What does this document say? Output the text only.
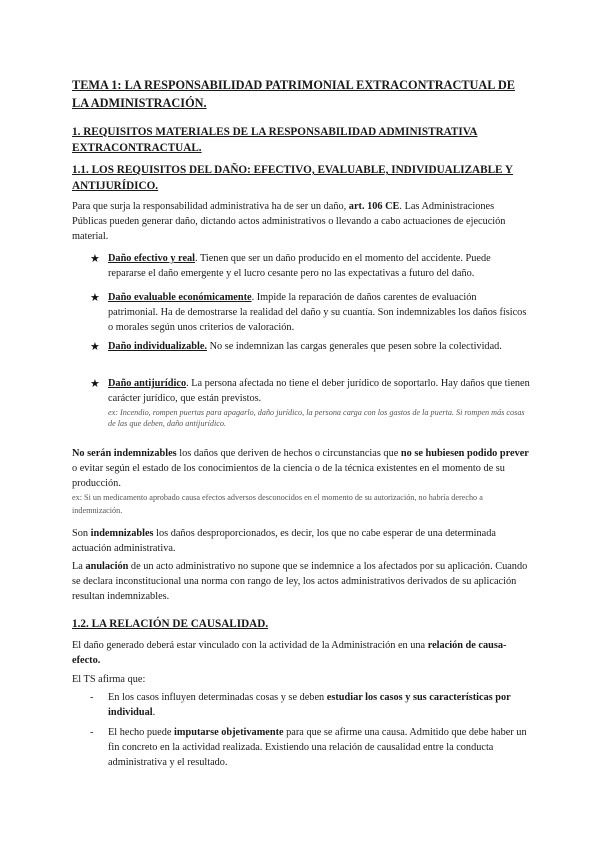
TEMA 1: LA RESPONSABILIDAD PATRIMONIAL EXTRACONTRACTUAL DE LA ADMINISTRACIÓN.
1. REQUISITOS MATERIALES DE LA RESPONSABILIDAD ADMINISTRATIVA EXTRACONTRACTUAL.
1.1. LOS REQUISITOS DEL DAÑO: EFECTIVO, EVALUABLE, INDIVIDUALIZABLE Y ANTIJURÍDICO.

Para que surja la responsabilidad administrativa ha de ser un daño, art. 106 CE. Las Administraciones Públicas pueden generar daño, dictando actos administrativos o llevando a cabo actuaciones de ejecución material.

★ Daño efectivo y real. Tienen que ser un daño producido en el momento del accidente. Puede repararse el daño emergente y el lucro cesante pero no las expectativas a futuro del daño.

★ Daño evaluable económicamente. Impide la reparación de daños carentes de evaluación patrimonial. Ha de demostrarse la realidad del daño y su cuantía. Son indemnizables los daños físicos o morales según unos criterios de valoración.

★ Daño individualizable. No se indemnizan las cargas generales que pesen sobre la colectividad.

★ Daño antijurídico. La persona afectada no tiene el deber jurídico de soportarlo. Hay daños que tienen carácter jurídico, que están previstos.

ex: Incendio, rompen puertas para apagarlo, daño jurídico, la persona carga con los gastos de la puerta. Si rompen más cosas de las que deben, daño antijurídico.

No serán indemnizables los daños que deriven de hechos o circunstancias que no se hubiesen podido prever o evitar según el estado de los conocimientos de la ciencia o de la técnica existentes en el momento de su producción.

ex: Si un medicamento aprobado causa efectos adversos desconocidos en el momento de su autorización, no habría derecho a indemnización.

Son indemnizables los daños desproporcionados, es decir, los que no cabe esperar de una determinada actuación administrativa.

La anulación de un acto administrativo no supone que se indemnice a los afectados por su aplicación. Cuando se declara inconstitucional una norma con rango de ley, los actos administrativos derivados de su aplicación resultan indemnizables.

1.2. LA RELACIÓN DE CAUSALIDAD.

El daño generado deberá estar vinculado con la actividad de la Administración en una relación de causa-efecto.

El TS afirma que:

- En los casos influyen determinadas cosas y se deben estudiar los casos y sus características por individual.

- El hecho puede imputarse objetivamente para que se afirme una causa. Admitido que debe haber un fin concreto en la actividad realizada. Existiendo una relación de causalidad entre la conducta administrativa y el resultado.
